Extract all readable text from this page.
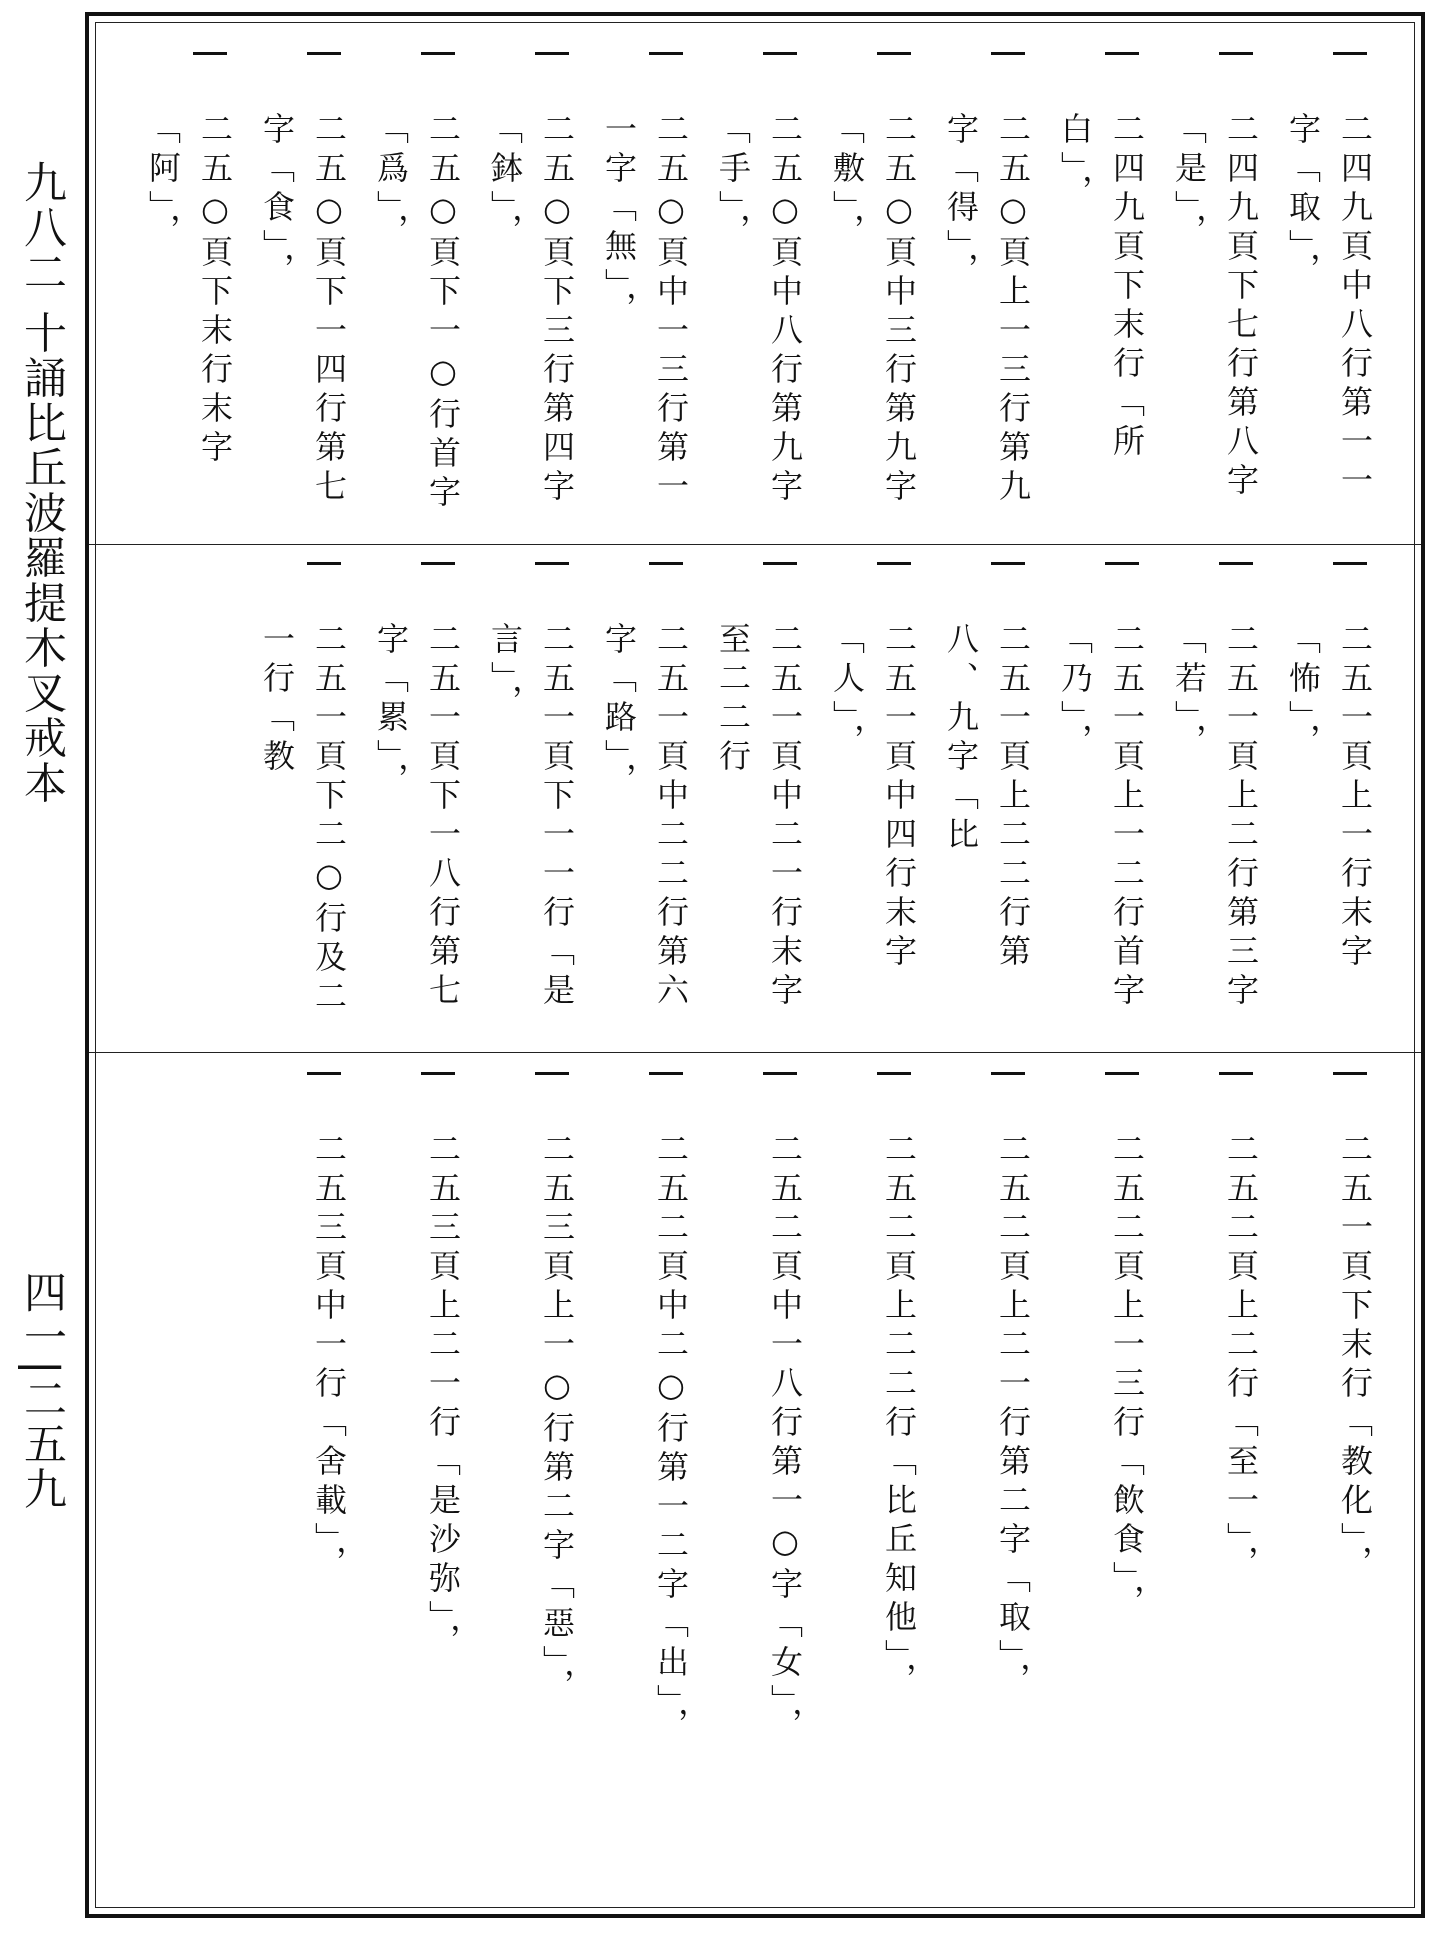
九八二 十誦比丘波羅提木叉戒本
四一|二五九
二四九頁中八行第一一字「取」，
二四九頁下七行第八字「是」，
二四九頁下末行「所白」，
二五○頁上一三行第九字「得」，
二五○頁中三行第九字「敷」，
二五○頁中八行第九字「手」，
二五○頁中一三行第一一字「無」，
二五○頁下三行第四字「鉢」，
二五○頁下一○行首字「爲」，
二五○頁下一四行第七字「食」，
二五○頁下末行末字「阿」，
二五一頁上一行末字「怖」，
二五一頁上二行第三字「若」，
二五一頁上一二行首字「乃」，
二五一頁上二二行第八、九字「比
二五一頁中四行末字「人」，
二五一頁中二一行末字至二二行
二五一頁中二二行第六字「路」，
二五一頁下一一行「是言」，
二五一頁下一八行第七字「累」，
二五一頁下二○行及二一行「教
二五一頁下末行「教化」，
二五二頁上二行「至一」，
二五二頁上一三行「飲食」，
二五二頁上二一行第二字「取」，
二五二頁上二二行「比丘知他」，
二五二頁中一八行第一○字「女」，
二五二頁中二○行第一二字「出」，
二五三頁上一○行第二字「惡」，
二五三頁上二一行「是沙弥」，
二五三頁中一行「舍載」，
